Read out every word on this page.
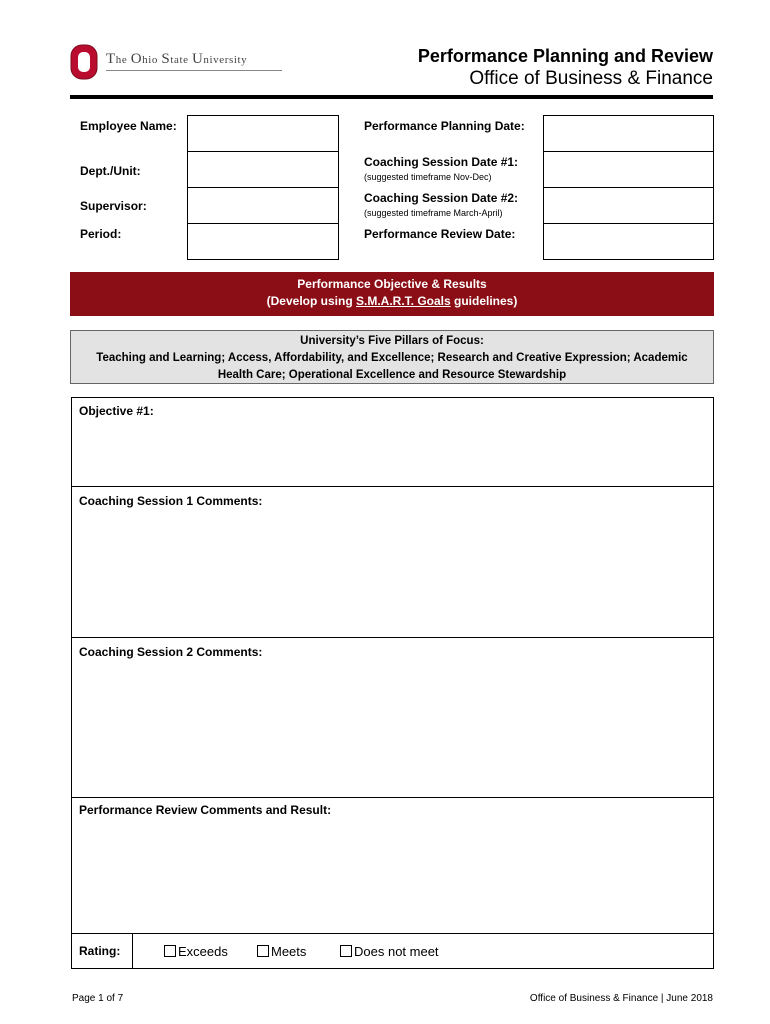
The Ohio State University	Performance Planning and Review
Office of Business & Finance
Employee Name:
Dept./Unit:
Supervisor:
Period:
Performance Planning Date:
Coaching Session Date #1:
(suggested timeframe Nov-Dec)
Coaching Session Date #2:
(suggested timeframe March-April)
Performance Review Date:
Performance Objective & Results
(Develop using S.M.A.R.T. Goals guidelines)
University’s Five Pillars of Focus:
Teaching and Learning; Access, Affordability, and Excellence; Research and Creative Expression; Academic
Health Care; Operational Excellence and Resource Stewardship
Objective #1:
Coaching Session 1 Comments:
Coaching Session 2 Comments:
Performance Review Comments and Result:
Rating:	Exceeds	Meets	Does not meet
Page 1 of 7	Office of Business & Finance | June 2018
